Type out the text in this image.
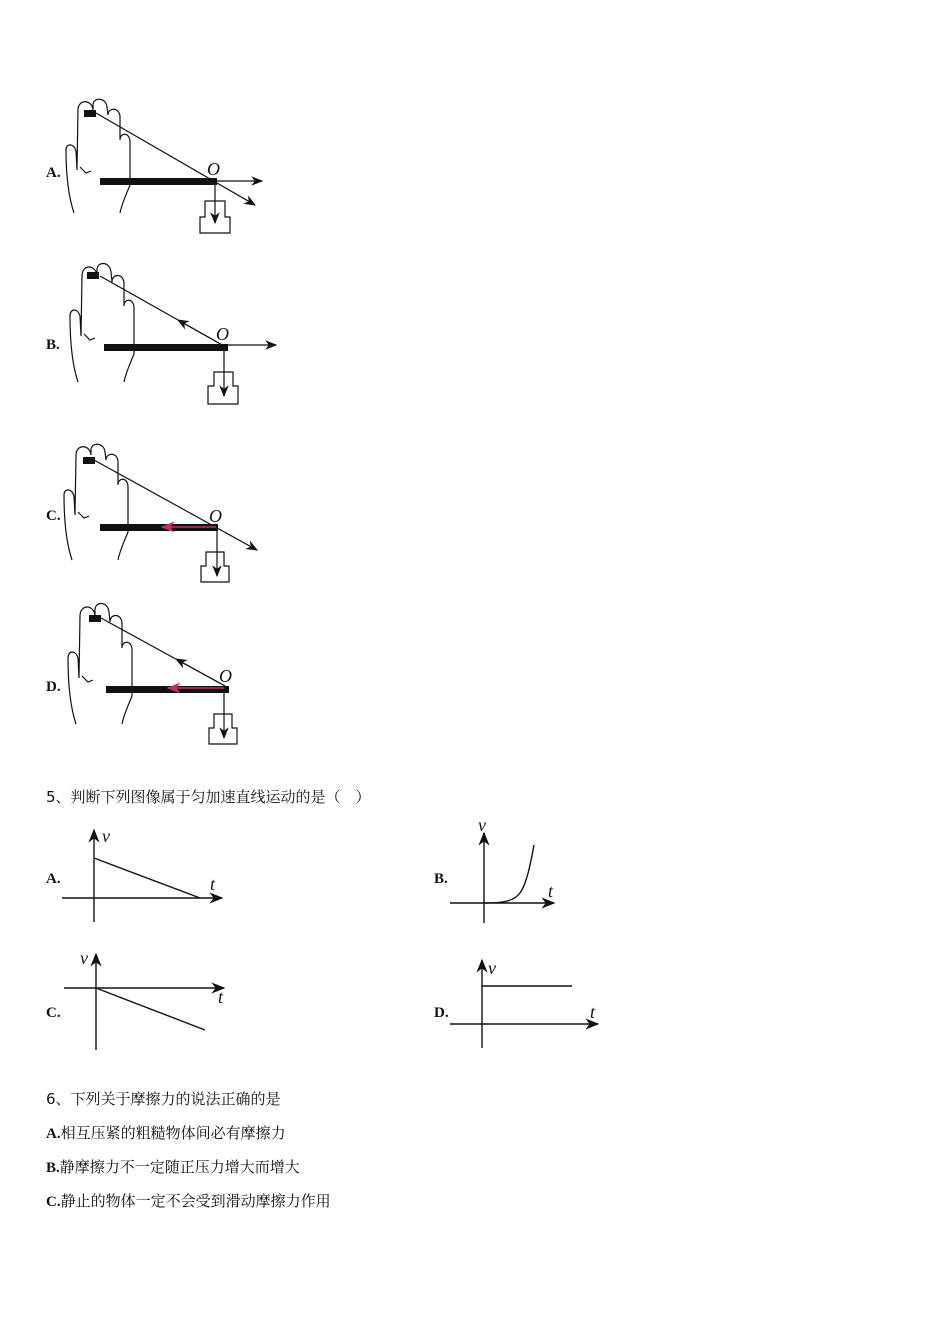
A.	O
B.
O
C.	O
D.
O
5、判断下列图像属于匀加速直线运动的是（　）
A.
v
t	B.
v
t
C.
v
t
D.
v
t
6、下列关于摩擦力的说法正确的是
A.相互压紧的粗糙物体间必有摩擦力
B.静摩擦力不一定随正压力增大而增大
C.静止的物体一定不会受到滑动摩擦力作用
